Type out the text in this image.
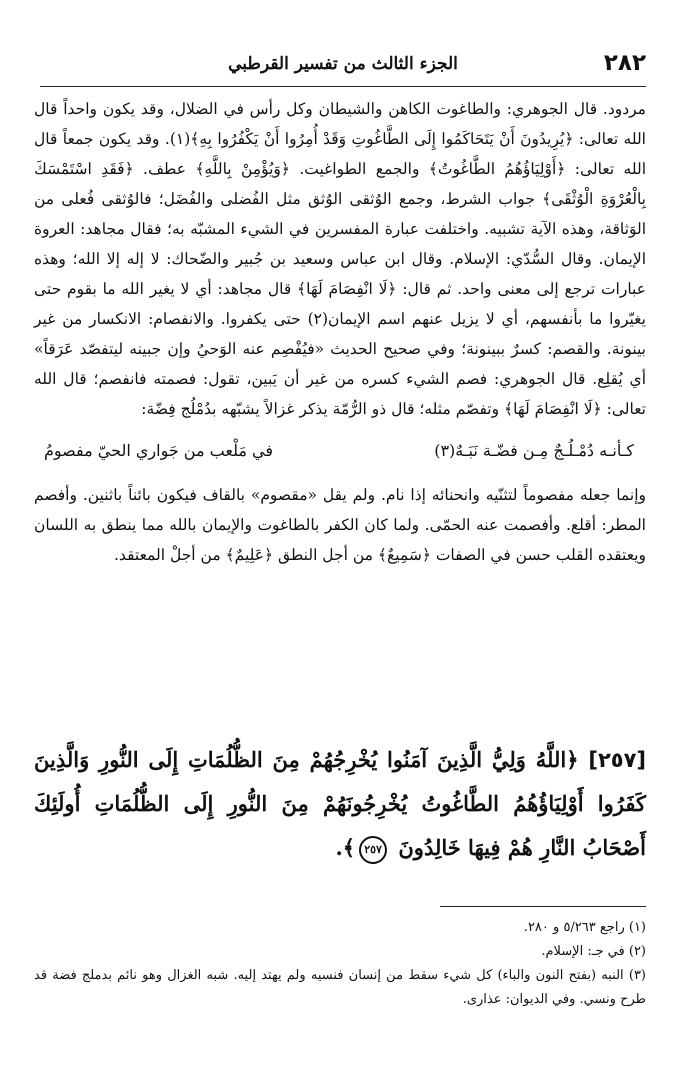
٢٨٢
الجزء الثالث من تفسير القرطبي

مردود. قال الجوهري: والطاغوت الكاهن والشيطان وكل رأس في الضلال، وقد يكون واحداً قال الله تعالى: ﴿يُرِيدُونَ أَنْ يَتَحَاكَمُوا إِلَى الطَّاغُوتِ وَقَدْ أُمِرُوا أَنْ يَكْفُرُوا بِهِ﴾(١). وقد يكون جمعاً قال الله تعالى: ﴿أَوْلِيَاؤُهُمُ الطَّاغُوتُ﴾ والجمع الطواغيت. ﴿وَيُؤْمِنْ بِاللَّهِ﴾ عطف. ﴿فَقَدِ اسْتَمْسَكَ بِالْعُرْوَةِ الْوُثْقَى﴾ جواب الشرط، وجمع الوُثقى الوُثق مثل الفُضلى والفُضَل؛ فالوُثقى فُعلى من الوَثاقة، وهذه الآية تشبيه. واختلفت عبارة المفسرين في الشيء المشبّه به؛ فقال مجاهد: العروة الإيمان. وقال السُّدّي: الإسلام. وقال ابن عباس وسعيد بن جُبير والضّحاك: لا إله إلا الله؛ وهذه عبارات ترجع إلى معنى واحد. ثم قال: ﴿لَا انْفِصَامَ لَهَا﴾ قال مجاهد: أي لا يغير الله ما بقوم حتى يغيّروا ما بأنفسهم، أي لا يزيل عنهم اسم الإيمان(٢) حتى يكفروا. والانفصام: الانكسار من غير بينونة. والقصم: كسرٌ ببينونة؛ وفي صحيح الحديث «فيُفْصِم عنه الوَحيُ وإن جبينه ليتفصّد عَرَقاً» أي يُقلِع. قال الجوهري: فصم الشيء كسره من غير أن يَبين، تقول: فصمته فانفصم؛ قال الله تعالى: ﴿لَا انْفِصَامَ لَهَا﴾ وتفصّم مثله؛ قال ذو الرُّمّة يذكر غزالاً يشبّهه بدُمْلُج فِضّة:

كـأنـه دُمْـلُـجٌ مِـن فضّـة نَبَـهٌ(٣)
في مَلْعب من جَواري الحيّ مفصومُ

وإنما جعله مفصوماً لتثنّيه وانحنائه إذا نام. ولم يقل «مقصوم» بالقاف فيكون بائناً باثنين. وأفصم المطر: أقلع. وأفصمت عنه الحمّى. ولما كان الكفر بالطاغوت والإيمان بالله مما ينطق به اللسان ويعتقده القلب حسن في الصفات ﴿سَمِيعٌ﴾ من أجل النطق ﴿عَلِيمٌ﴾ من أجلْ المعتقد.

[٢٥٧] ﴿اللَّهُ وَلِيُّ الَّذِينَ آمَنُوا يُخْرِجُهُمْ مِنَ الظُّلُمَاتِ إِلَى النُّورِ وَالَّذِينَ كَفَرُوا أَوْلِيَاؤُهُمُ الطَّاغُوتُ يُخْرِجُونَهُمْ مِنَ النُّورِ إِلَى الظُّلُمَاتِ أُولَئِكَ أَصْحَابُ النَّارِ هُمْ فِيهَا خَالِدُونَ ٢٥٧﴾.

(١) راجع ٥/٢٦٣ و ٢٨٠.

(٢) في جـ: الإسلام.

(٣) النبه (بفتح النون والباء) كل شيء سقط من إنسان فنسيه ولم يهتد إليه. شبه الغزال وهو نائم بدملج فضة قد طرح ونسي. وفي الديوان: عذارى.
